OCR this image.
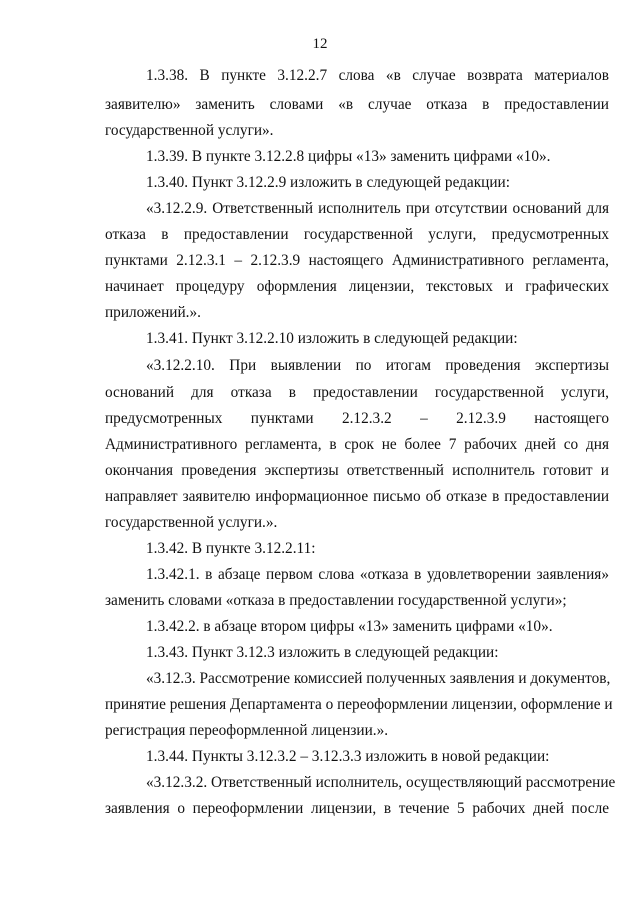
12
1.3.38. В пункте 3.12.2.7 слова «в случае возврата материалов
заявителю» заменить словами «в случае отказа в предоставлении
государственной услуги».
1.3.39. В пункте 3.12.2.8 цифры «13» заменить цифрами «10».
1.3.40. Пункт 3.12.2.9 изложить в следующей редакции:
«3.12.2.9. Ответственный исполнитель при отсутствии оснований для
отказа в предоставлении государственной услуги, предусмотренных
пунктами 2.12.3.1 – 2.12.3.9 настоящего Административного регламента,
начинает процедуру оформления лицензии, текстовых и графических
приложений.».
1.3.41. Пункт 3.12.2.10 изложить в следующей редакции:
«3.12.2.10. При выявлении по итогам проведения экспертизы
оснований для отказа в предоставлении государственной услуги,
предусмотренных пунктами 2.12.3.2 – 2.12.3.9 настоящего
Административного регламента, в срок не более 7 рабочих дней со дня
окончания проведения экспертизы ответственный исполнитель готовит и
направляет заявителю информационное письмо об отказе в предоставлении
государственной услуги.».
1.3.42. В пункте 3.12.2.11:
1.3.42.1. в абзаце первом слова «отказа в удовлетворении заявления»
заменить словами «отказа в предоставлении государственной услуги»;
1.3.42.2. в абзаце втором цифры «13» заменить цифрами «10».
1.3.43. Пункт 3.12.3 изложить в следующей редакции:
«3.12.3. Рассмотрение комиссией полученных заявления и документов,
принятие решения Департамента о переоформлении лицензии, оформление и
регистрация переоформленной лицензии.».
1.3.44. Пункты 3.12.3.2 – 3.12.3.3 изложить в новой редакции:
«3.12.3.2. Ответственный исполнитель, осуществляющий рассмотрение
заявления о переоформлении лицензии, в течение 5 рабочих дней после
